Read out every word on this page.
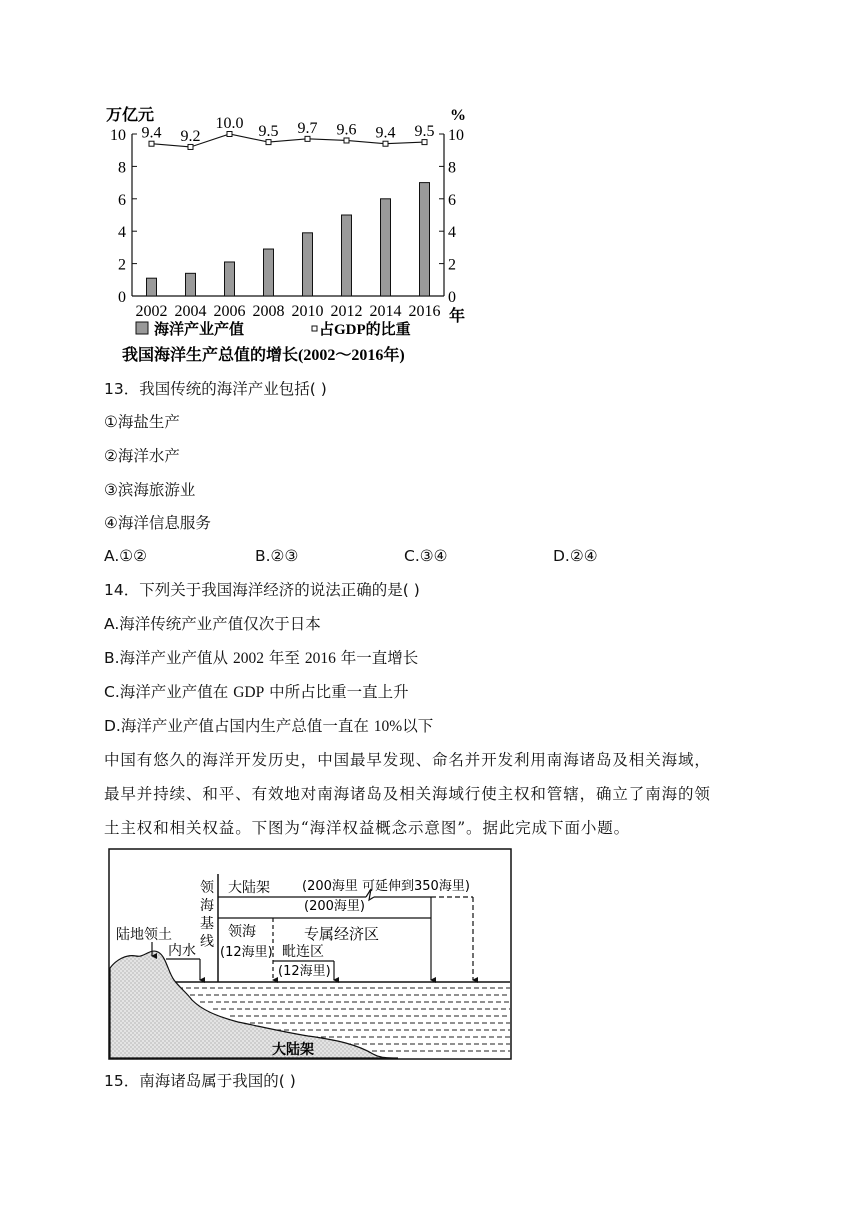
万亿元	%
年
0	0
2	2
4	4
6	6
8	8
10	10
2002 2004 2006 2008 2010 2012 2014 2016
9.4 9.2
10.0 9.5 9.7 9.6 9.4 9.5
海洋产业产值	占GDP的比重
我国海洋生产总值的增长(2002～2016年)
13．我国传统的海洋产业包括( )
①海盐生产
②海洋水产
③滨海旅游业
④海洋信息服务
A.①②	B.②③	C.③④	D.②④
14．下列关于我国海洋经济的说法正确的是( )
A.海洋传统产业产值仅次于日本
B.海洋产业产值从 2002 年至 2016 年一直增长
C.海洋产业产值在 GDP 中所占比重一直上升
D.海洋产业产值占国内生产总值一直在 10%以下
中国有悠久的海洋开发历史，中国最早发现、命名并开发利用南海诸岛及相关海域，
最早并持续、和平、有效地对南海诸岛及相关海域行使主权和管辖，确立了南海的领
土主权和相关权益。下图为“海洋权益概念示意图”。据此完成下面小题。
领
海
基
线
大陆架 (200海里 可延伸到350海里)
(200海里)
专属经济区
领海
(12海里) 毗连区
(12海里)
陆地领土
内水
大陆架
15．南海诸岛属于我国的( )
